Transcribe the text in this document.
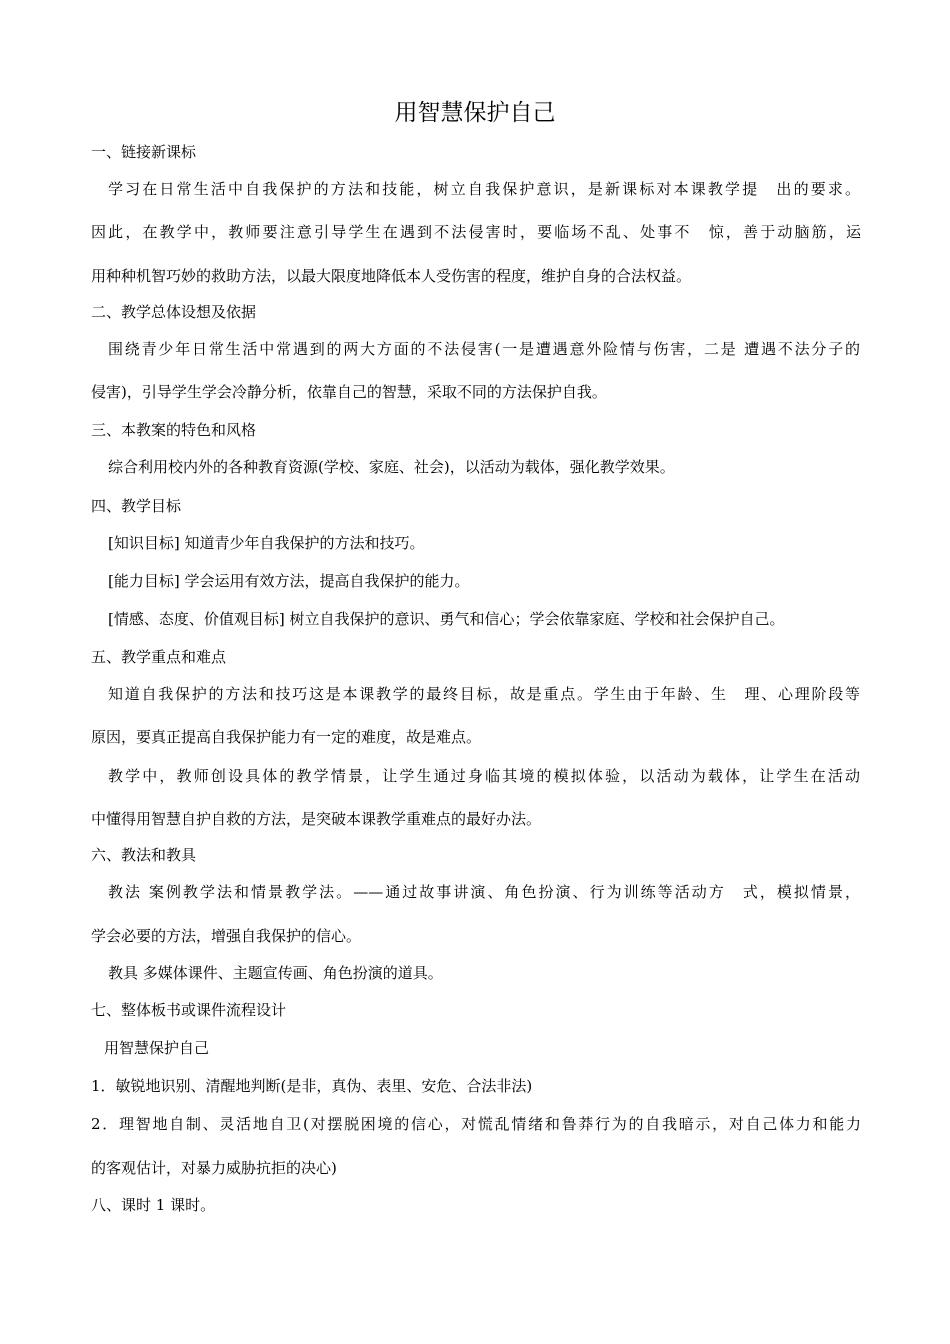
用智慧保护自己
一、链接新课标
学习在日常生活中自我保护的方法和技能，树立自我保护意识，是新课标对本课教学提　出的要求。
因此，在教学中，教师要注意引导学生在遇到不法侵害时，要临场不乱、处事不　惊，善于动脑筋，运
用种种机智巧妙的救助方法，以最大限度地降低本人受伤害的程度，维护自身的合法权益。
二、教学总体设想及依据
围绕青少年日常生活中常遇到的两大方面的不法侵害(一是遭遇意外险情与伤害，二是 遭遇不法分子的
侵害)，引导学生学会冷静分析，依靠自己的智慧，采取不同的方法保护自我。
三、本教案的特色和风格
综合利用校内外的各种教育资源(学校、家庭、社会)，以活动为载体，强化教学效果。
四、教学目标
[知识目标] 知道青少年自我保护的方法和技巧。
[能力目标] 学会运用有效方法，提高自我保护的能力。
[情感、态度、价值观目标] 树立自我保护的意识、勇气和信心；学会依靠家庭、学校和社会保护自己。
五、教学重点和难点
知道自我保护的方法和技巧这是本课教学的最终目标，故是重点。学生由于年龄、生　理、心理阶段等
原因，要真正提高自我保护能力有一定的难度，故是难点。
教学中，教师创设具体的教学情景，让学生通过身临其境的模拟体验，以活动为载体，让学生在活动
中懂得用智慧自护自救的方法，是突破本课教学重难点的最好办法。
六、教法和教具
教法 案例教学法和情景教学法。——通过故事讲演、角色扮演、行为训练等活动方　式，模拟情景，
学会必要的方法，增强自我保护的信心。
教具 多媒体课件、主题宣传画、角色扮演的道具。
七、整体板书或课件流程设计
用智慧保护自己
1．敏锐地识别、清醒地判断(是非，真伪、表里、安危、合法非法)
2．理智地自制、灵活地自卫(对摆脱困境的信心，对慌乱情绪和鲁莽行为的自我暗示，对自己体力和能力
的客观估计，对暴力威胁抗拒的决心)
八、课时 1 课时。
